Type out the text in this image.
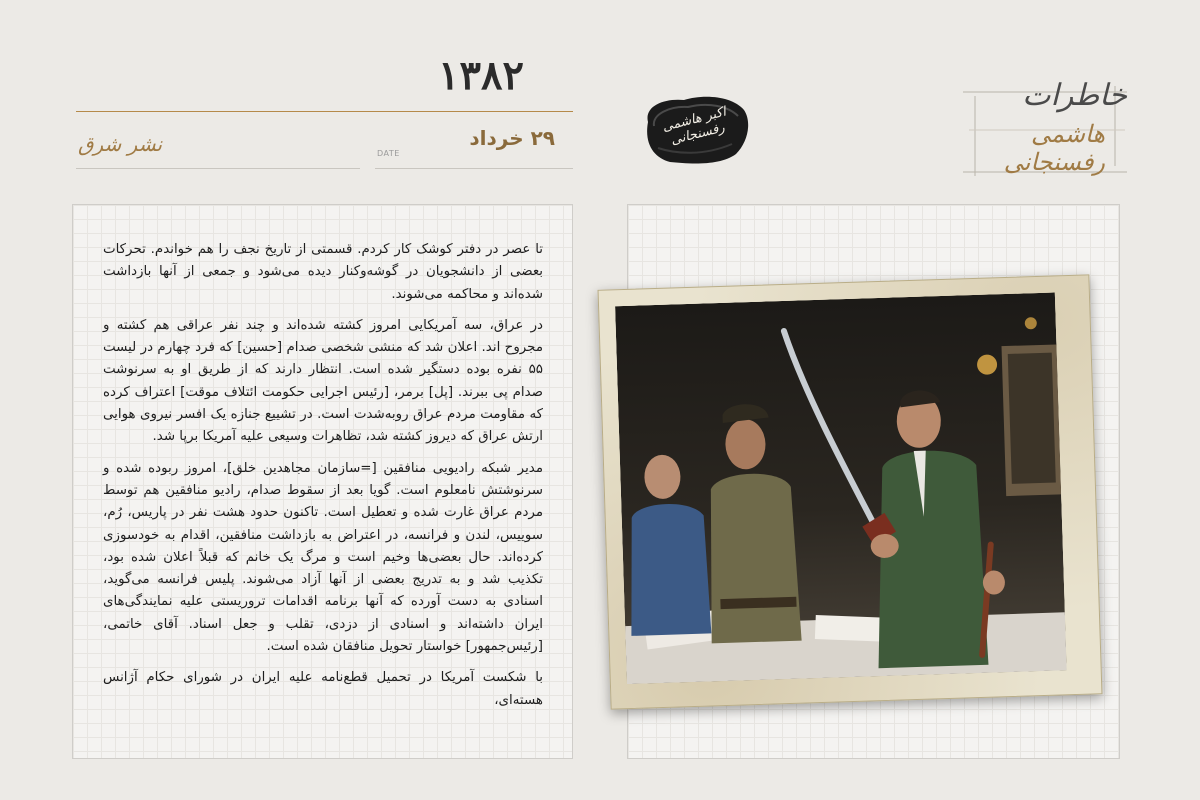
۱۳۸۲
۲۹ خرداد
DATE
نشر شرق
اکبر هاشمی رفسنجانی
خاطرات
هاشمی رفسنجانی

تا عصر در دفتر کوشک کار کردم. قسمتی از تاریخ نجف را هم خواندم. تحرکات بعضی از دانشجویان در گوشه‌وکنار دیده می‌شود و جمعی از آنها بازداشت شده‌اند و محاکمه می‌شوند.

در عراق، سه آمریکایی امروز کشته شده‌اند و چند نفر عراقی هم کشته و مجروح اند. اعلان شد که منشی شخصی صدام [حسین] که فرد چهارم در لیست ۵۵ نفره بوده دستگیر شده است. انتظار دارند که از طریق او به سرنوشت صدام پی ببرند. [پل] برمر، [رئیس اجرایی حکومت ائتلاف موقت] اعتراف کرده که مقاومت مردم عراق روبه‌شدت است. در تشییع جنازه یک افسر نیروی هوایی ارتش عراق که دیروز کشته شد، تظاهرات وسیعی علیه آمریکا برپا شد.

مدیر شبکه رادیویی منافقین [=سازمان مجاهدین خلق]، امروز ربوده شده و سرنوشتش نامعلوم است. گویا بعد از سقوط صدام، رادیو منافقین هم توسط مردم عراق غارت شده و تعطیل است. تاکنون حدود هشت نفر در پاریس، رُم، سوییس، لندن و فرانسه، در اعتراض به بازداشت منافقین، اقدام به خودسوزی کرده‌اند. حال بعضی‌ها وخیم است و مرگ یک خانم که قبلاً اعلان شده بود، تکذیب شد و به تدریج بعضی از آنها آزاد می‌شوند. پلیس فرانسه می‌گوید، اسنادی به دست آورده که آنها برنامه اقدامات تروریستی علیه نمایندگی‌های ایران داشته‌اند و اسنادی از دزدی، تقلب و جعل اسناد. آقای خاتمی، [رئیس‌جمهور] خواستار تحویل منافقان شده است.

با شکست آمریکا در تحمیل قطع‌نامه علیه ایران در شورای حکام آژانس هسته‌ای،
